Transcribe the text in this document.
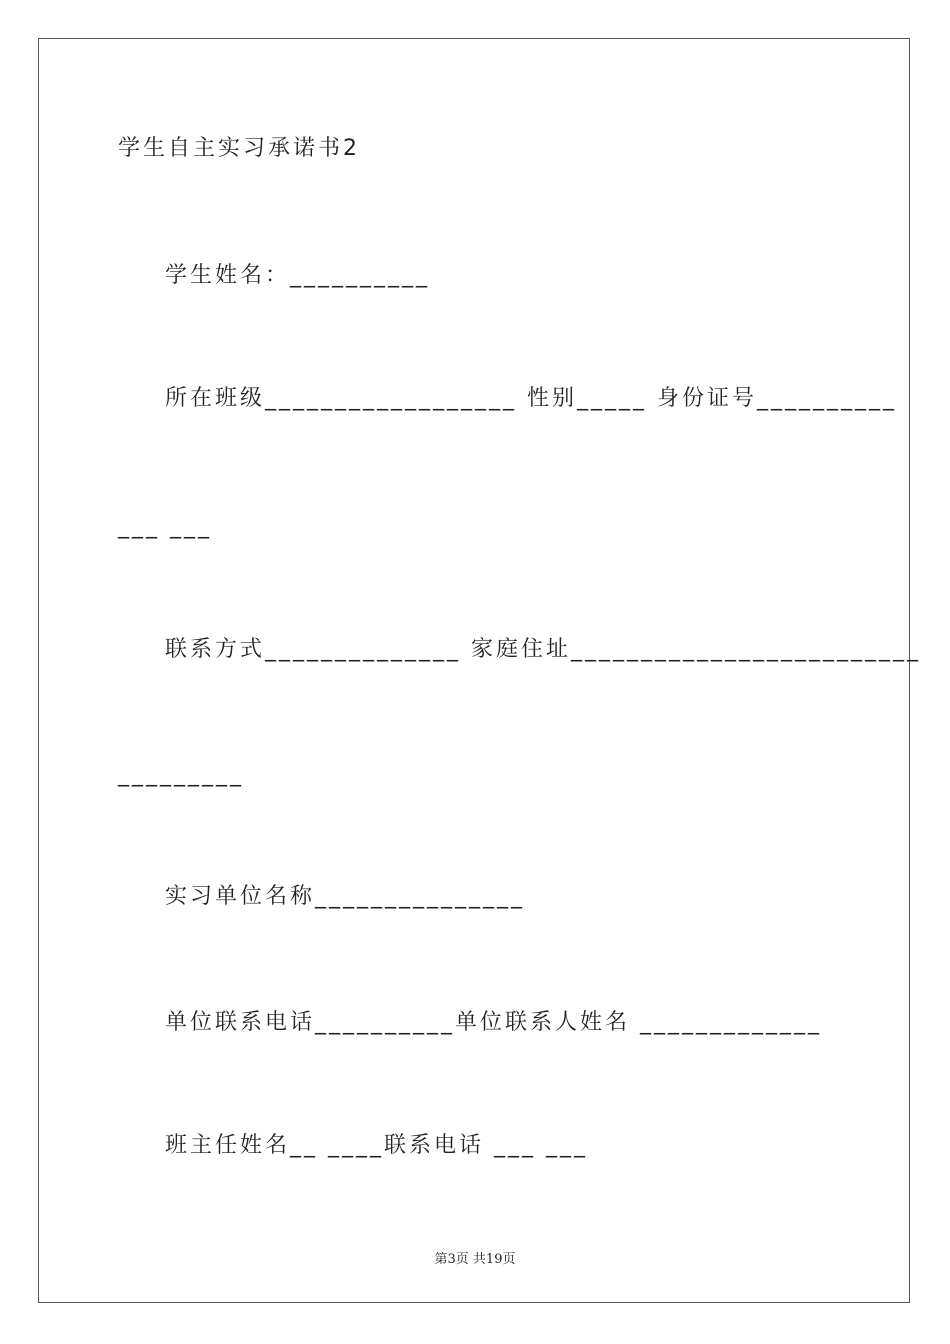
学生自主实习承诺书2
学生姓名：__________
所在班级__________________ 性别_____ 身份证号__________
___ ___
联系方式______________ 家庭住址_________________________
_________
实习单位名称_______________
单位联系电话__________单位联系人姓名 _____________
班主任姓名__ ____联系电话 ___ ___
第3页 共19页
